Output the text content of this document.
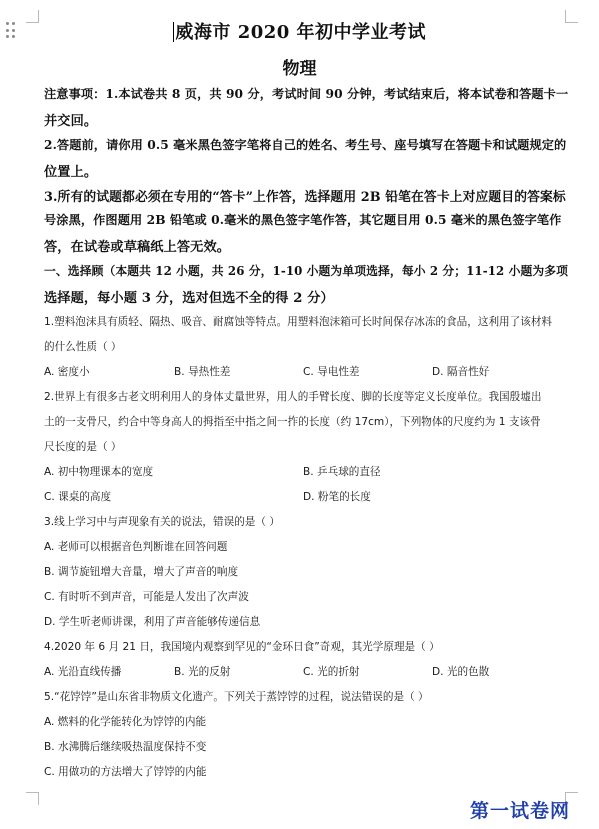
威海市 2020 年初中学业考试
物理
注意事项：1.本试卷共 8 页，共 90 分，考试时间 90 分钟，考试结束后，将本试卷和答题卡一
并交回。
2.答题前，请你用 0.5 毫米黑色签字笔将自己的姓名、考生号、座号填写在答题卡和试题规定的
位置上。
3.所有的试题都必须在专用的“答卡”上作答，选择题用 2B 铅笔在答卡上对应题目的答案标
号涂黑，作图题用 2B 铅笔或 0.毫米的黑色签字笔作答，其它题目用 0.5 毫米的黑色签字笔作
答，在试卷或草稿纸上答无效。
一、选择顾（本题共 12 小题，共 26 分，1-10 小题为单项选择，每小 2 分；11-12 小题为多项
选择题，每小题 3 分，选对但选不全的得 2 分）
1.塑料泡沫具有质轻、隔热、吸音、耐腐蚀等特点。用塑料泡沫箱可长时间保存冰冻的食品，这利用了该材料
的什么性质（ ）
A. 密度小	B. 导热性差	C. 导电性差	D. 隔音性好
2.世界上有很多古老文明利用人的身体丈量世界，用人的手臂长度、脚的长度等定义长度单位。我国殷墟出
土的一支骨尺，约合中等身高人的拇指至中指之间一拃的长度（约 17cm），下列物体的尺度约为 1 支该骨
尺长度的是（ ）
A. 初中物理课本的宽度	B. 乒乓球的直径
C. 课桌的高度	D. 粉笔的长度
3.线上学习中与声现象有关的说法，错误的是（ ）
A. 老师可以根据音色判断谁在回答问题
B. 调节旋钮增大音量，增大了声音的响度
C. 有时听不到声音，可能是人发出了次声波
D. 学生听老师讲课，利用了声音能够传递信息
4.2020 年 6 月 21 日，我国境内观察到罕见的“金环日食”奇观，其光学原理是（ ）
A. 光沿直线传播	B. 光的反射	C. 光的折射	D. 光的色散
5.“花饽饽”是山东省非物质文化遗产。下列关于蒸饽饽的过程，说法错误的是（ ）
A. 燃料的化学能转化为饽饽的内能
B. 水沸腾后继续吸热温度保持不变
C. 用做功的方法增大了饽饽的内能
第一试卷网
